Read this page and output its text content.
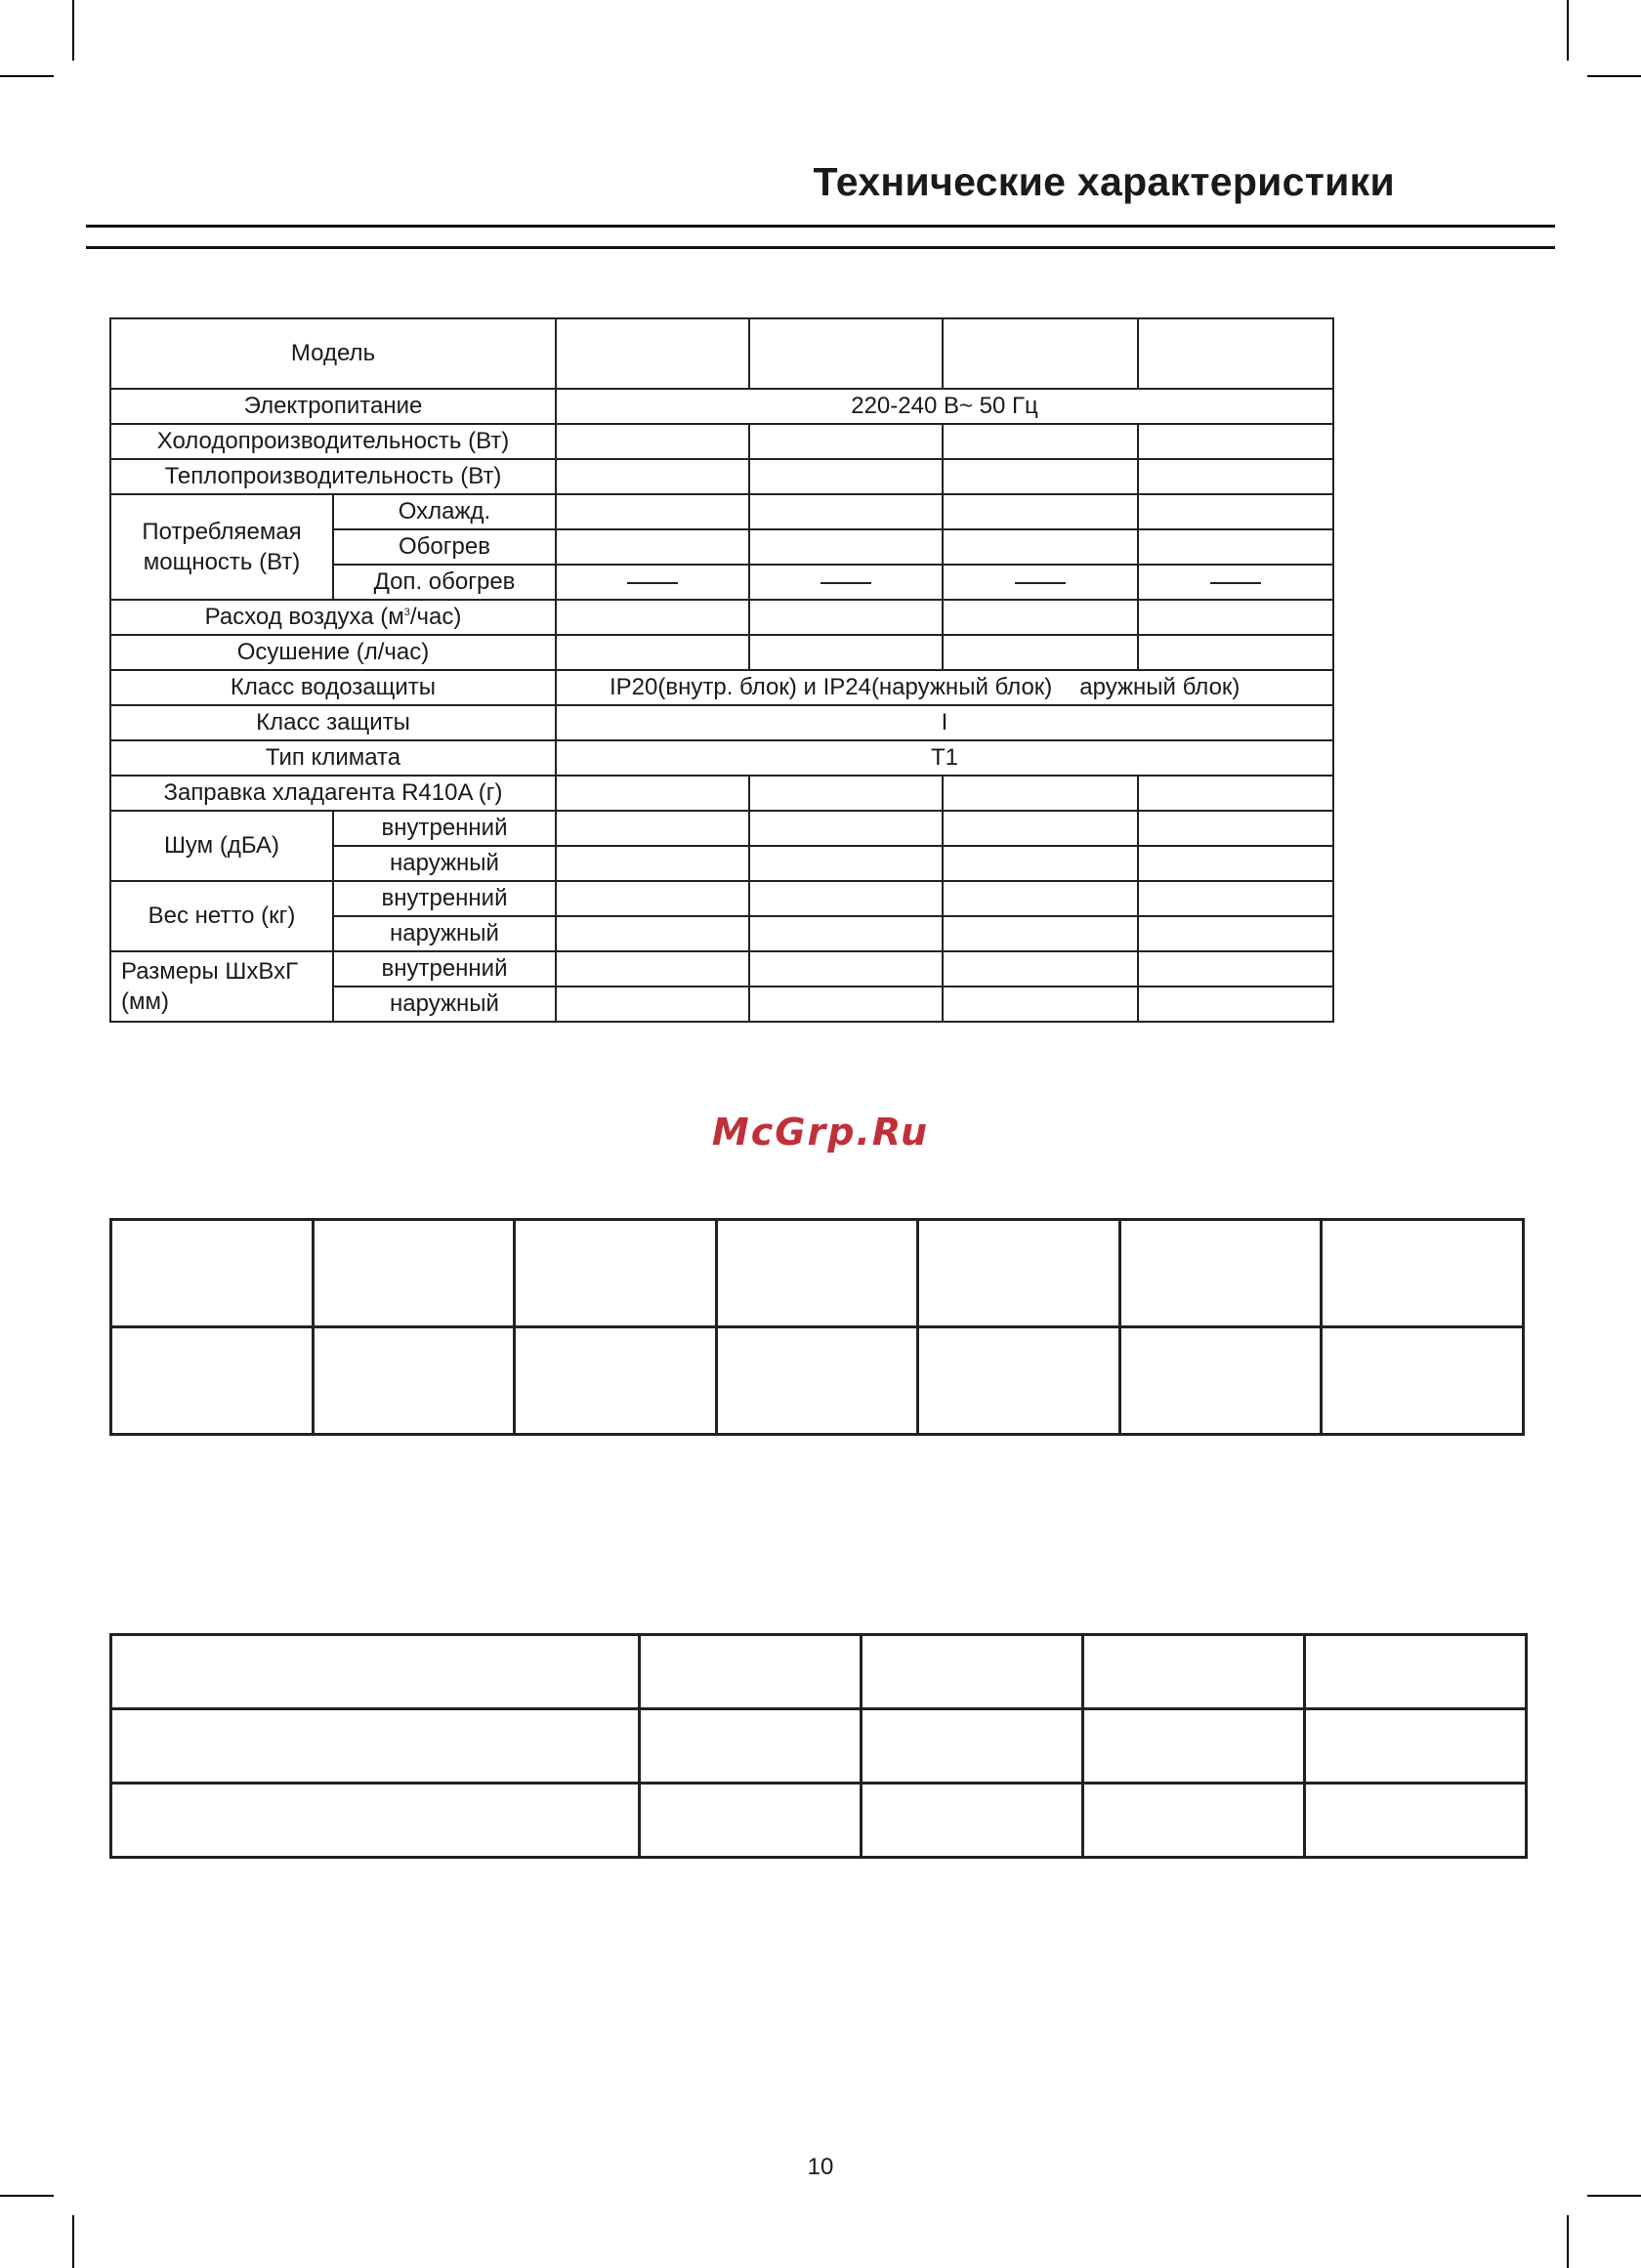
Технические характеристики
Модель					
Электропитание		220-240 В~ 50 Гц			
Холодопроизводительность (Вт)					
Теплопроизводительность (Вт)					
Потребляемая мощность (Вт)	Охлажд.				
	Обогрев				
	Доп. обогрев				
Расход воздуха $(м^3/час)$					
Осушение (л/час)					
Класс водозащиты		IP20(внутр. блок) и IP24(наружный блок) аружный блок)			
Класс защиты		I			
Тип климата		T1			
Заправка хладагента R410A (г)					
Шум (дБА)	внутренний				
	наружный				
Вес нетто (кг)	внутренний				
	наружный				
Размеры ШхВхГ (мм)	внутренний				
	наружный				
McGrp.Ru

10
